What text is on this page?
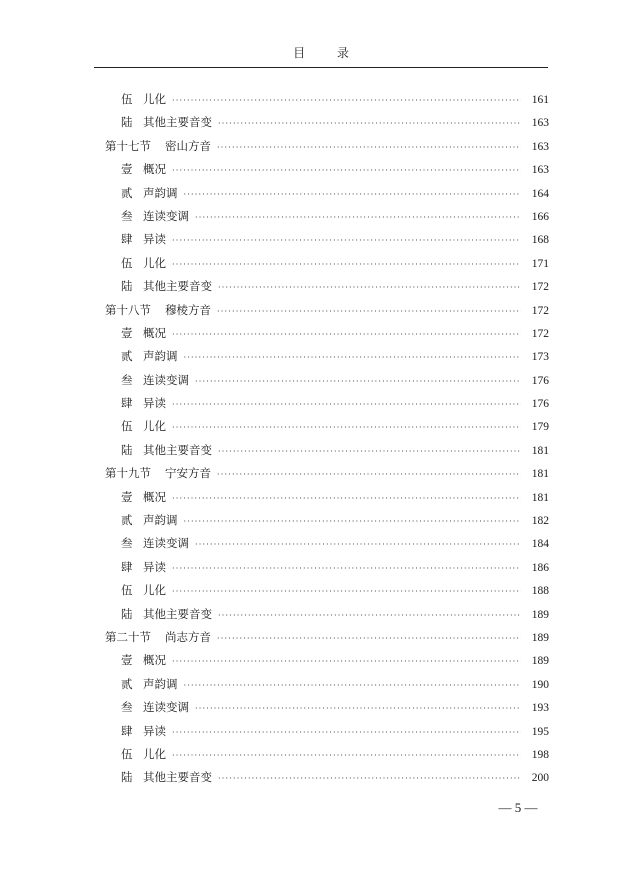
目	录
伍 儿化 ·····	161
陆 其他主要音变 ·····	163
第十七节 密山方音 ·····	163
壹 概况 ·····	163
贰 声韵调 ·····	164
叁 连读变调 ·····	166
肆 异读 ·····	168
伍 儿化 ·····	171
陆 其他主要音变 ·····	172
第十八节 穆棱方音 ·····	172
壹 概况 ·····	172
贰 声韵调 ·····	173
叁 连读变调 ·····	176
肆 异读 ·····	176
伍 儿化 ·····	179
陆 其他主要音变 ·····	181
第十九节 宁安方音 ·····	181
壹 概况 ·····	181
贰 声韵调 ·····	182
叁 连读变调 ·····	184
肆 异读 ·····	186
伍 儿化 ·····	188
陆 其他主要音变 ·····	189
第二十节 尚志方音 ·····	189
壹 概况 ·····	189
贰 声韵调 ·····	190
叁 连读变调 ·····	193
肆 异读 ·····	195
伍 儿化 ·····	198
陆 其他主要音变 ·····	200
— 5 —
